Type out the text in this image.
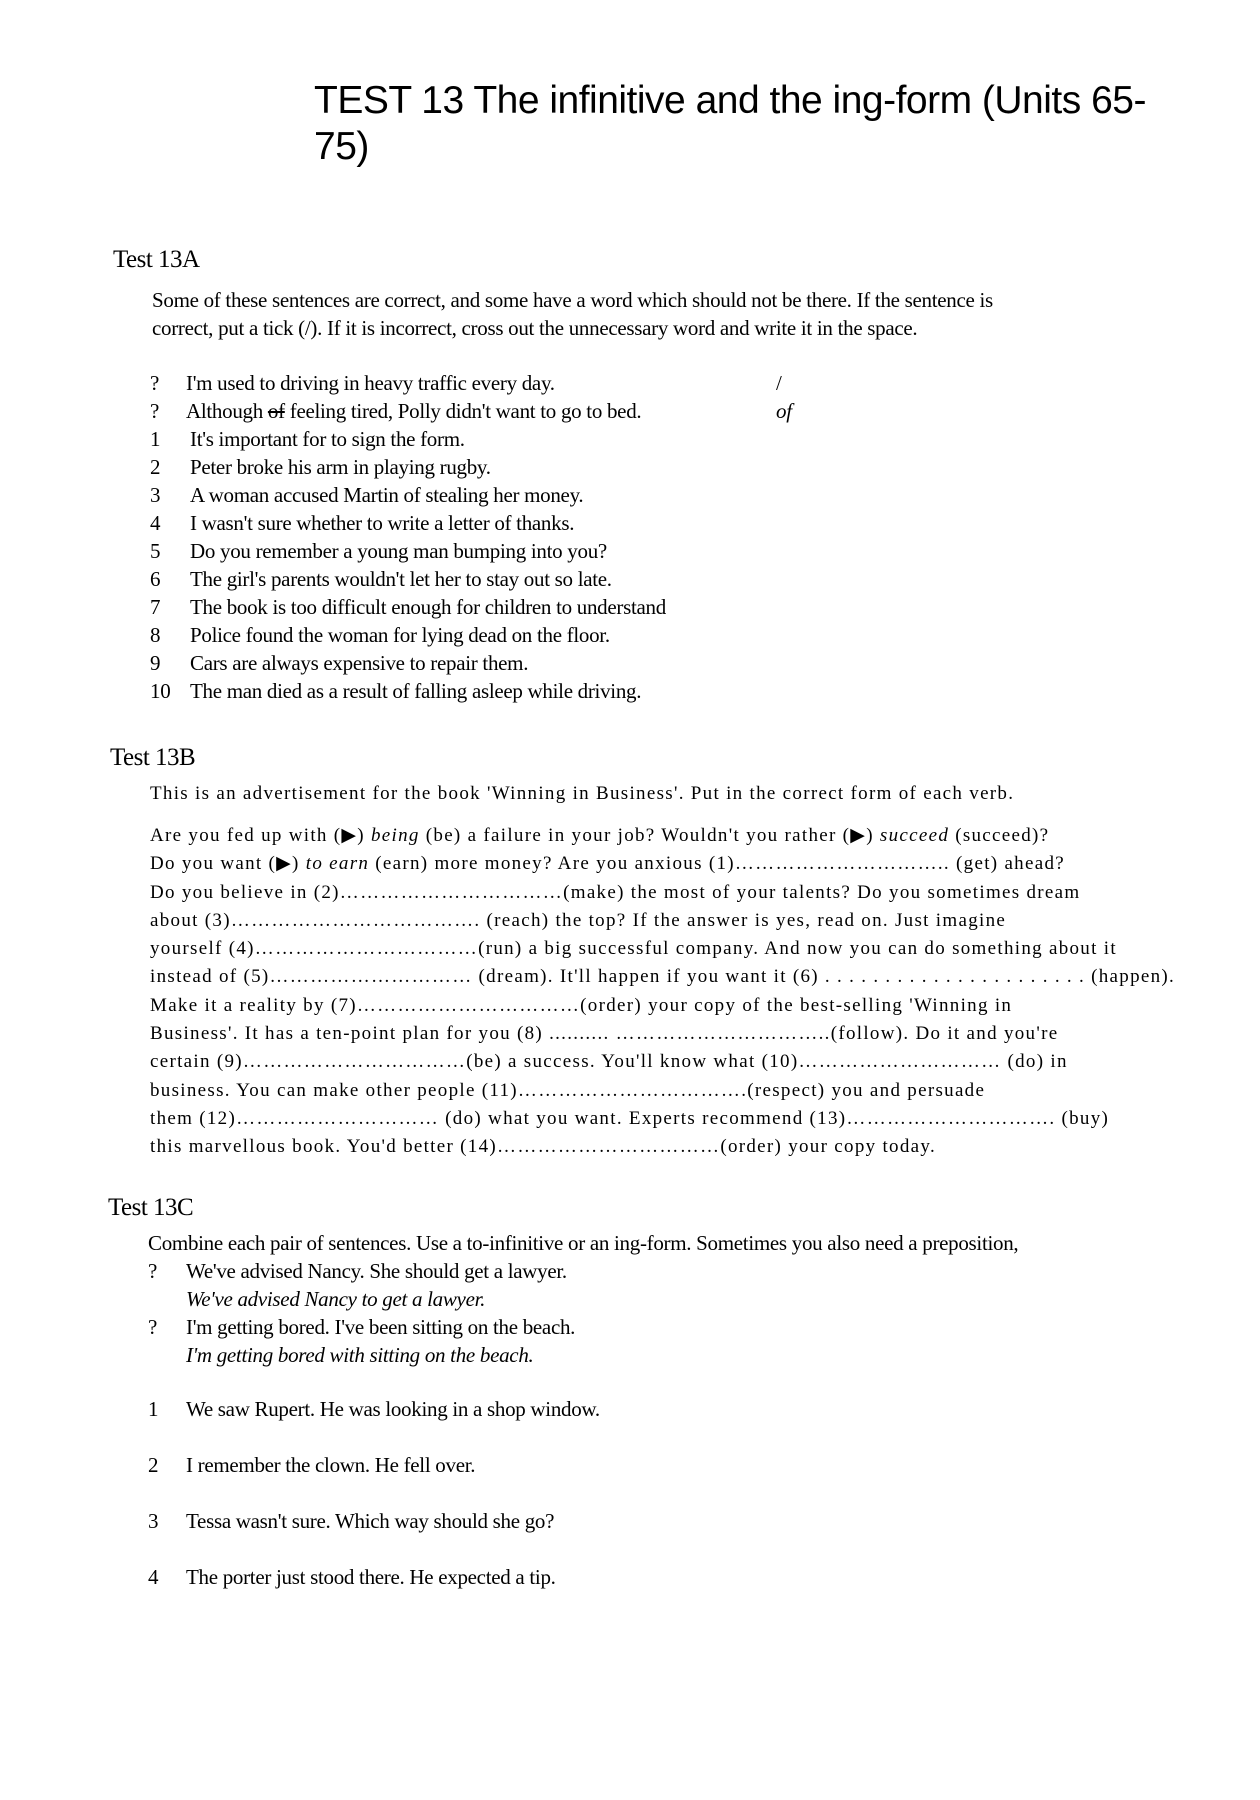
TEST 13 The infinitive and the ing-form (Units 65-75)
Test 13A
Some of these sentences are correct, and some have a word which should not be there. If the sentence is
correct, put a tick (/). If it is incorrect, cross out the unnecessary word and write it in the space.
?	I'm used to driving in heavy traffic every day.	/
?	Although of feeling tired, Polly didn't want to go to bed.	of
1	It's important for to sign the form.
2	Peter broke his arm in playing rugby.
3	A woman accused Martin of stealing her money.
4	I wasn't sure whether to write a letter of thanks.
5	Do you remember a young man bumping into you?
6	The girl's parents wouldn't let her to stay out so late.
7	The book is too difficult enough for children to understand
8	Police found the woman for lying dead on the floor.
9	Cars are always expensive to repair them.
10 The man died as a result of falling asleep while driving.
Test 13B
This is an advertisement for the book 'Winning in Business'. Put in the correct form of each verb.
Are you fed up with (▶) being (be) a failure in your job? Wouldn't you rather (▶) succeed (succeed)?
Do you want (▶) to earn (earn) more money? Are you anxious (1)………………………….. (get) ahead?
Do you believe in (2)……………………………(make) the most of your talents? Do you sometimes dream
about (3)………………………………. (reach) the top? If the answer is yes, read on. Just imagine
yourself (4)……………………………(run) a big successful company. And now you can do something about it
instead of (5)………………………… (dream). It'll happen if you want it (6) . . . . . . . . . . . . . . . . . . . . . . (happen).
Make it a reality by (7)……………………………(order) your copy of the best-selling 'Winning in
Business'. It has a ten-point plan for you (8) .......... …………………………..(follow). Do it and you're
certain (9)……………………………(be) a success. You'll know what (10)………………………… (do) in
business. You can make other people (11)…………………………….(respect) you and persuade
them (12)………………………… (do) what you want. Experts recommend (13)…………………………. (buy)
this marvellous book. You'd better (14)……………………………(order) your copy today.
Test 13C
Combine each pair of sentences. Use a to-infinitive or an ing-form. Sometimes you also need a preposition,
?	We've advised Nancy. She should get a lawyer.
We've advised Nancy to get a lawyer.
?	I'm getting bored. I've been sitting on the beach.
I'm getting bored with sitting on the beach.
1	We saw Rupert. He was looking in a shop window.
2	I remember the clown. He fell over.
3	Tessa wasn't sure. Which way should she go?
4	The porter just stood there. He expected a tip.
